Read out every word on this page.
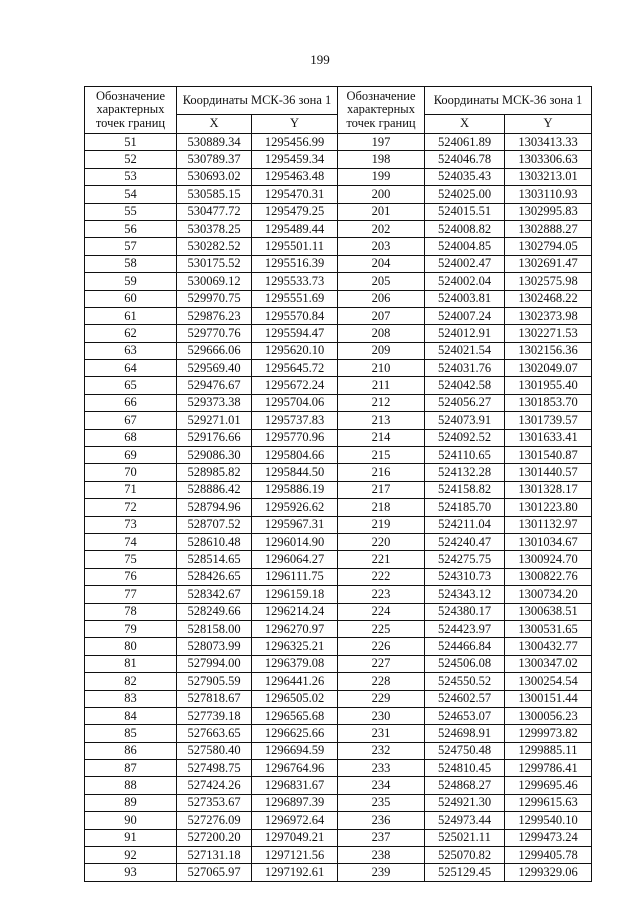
199
Обозначение характерных точек границ	Координаты МСК-36 зона 1		Обозначение характерных точек границ	Координаты МСК-36 зона 1	
	X	Y		X	Y
51	530889.34	1295456.99	197	524061.89	1303413.33
52	530789.37	1295459.34	198	524046.78	1303306.63
53	530693.02	1295463.48	199	524035.43	1303213.01
54	530585.15	1295470.31	200	524025.00	1303110.93
55	530477.72	1295479.25	201	524015.51	1302995.83
56	530378.25	1295489.44	202	524008.82	1302888.27
57	530282.52	1295501.11	203	524004.85	1302794.05
58	530175.52	1295516.39	204	524002.47	1302691.47
59	530069.12	1295533.73	205	524002.04	1302575.98
60	529970.75	1295551.69	206	524003.81	1302468.22
61	529876.23	1295570.84	207	524007.24	1302373.98
62	529770.76	1295594.47	208	524012.91	1302271.53
63	529666.06	1295620.10	209	524021.54	1302156.36
64	529569.40	1295645.72	210	524031.76	1302049.07
65	529476.67	1295672.24	211	524042.58	1301955.40
66	529373.38	1295704.06	212	524056.27	1301853.70
67	529271.01	1295737.83	213	524073.91	1301739.57
68	529176.66	1295770.96	214	524092.52	1301633.41
69	529086.30	1295804.66	215	524110.65	1301540.87
70	528985.82	1295844.50	216	524132.28	1301440.57
71	528886.42	1295886.19	217	524158.82	1301328.17
72	528794.96	1295926.62	218	524185.70	1301223.80
73	528707.52	1295967.31	219	524211.04	1301132.97
74	528610.48	1296014.90	220	524240.47	1301034.67
75	528514.65	1296064.27	221	524275.75	1300924.70
76	528426.65	1296111.75	222	524310.73	1300822.76
77	528342.67	1296159.18	223	524343.12	1300734.20
78	528249.66	1296214.24	224	524380.17	1300638.51
79	528158.00	1296270.97	225	524423.97	1300531.65
80	528073.99	1296325.21	226	524466.84	1300432.77
81	527994.00	1296379.08	227	524506.08	1300347.02
82	527905.59	1296441.26	228	524550.52	1300254.54
83	527818.67	1296505.02	229	524602.57	1300151.44
84	527739.18	1296565.68	230	524653.07	1300056.23
85	527663.65	1296625.66	231	524698.91	1299973.82
86	527580.40	1296694.59	232	524750.48	1299885.11
87	527498.75	1296764.96	233	524810.45	1299786.41
88	527424.26	1296831.67	234	524868.27	1299695.46
89	527353.67	1296897.39	235	524921.30	1299615.63
90	527276.09	1296972.64	236	524973.44	1299540.10
91	527200.20	1297049.21	237	525021.11	1299473.24
92	527131.18	1297121.56	238	525070.82	1299405.78
93	527065.97	1297192.61	239	525129.45	1299329.06
